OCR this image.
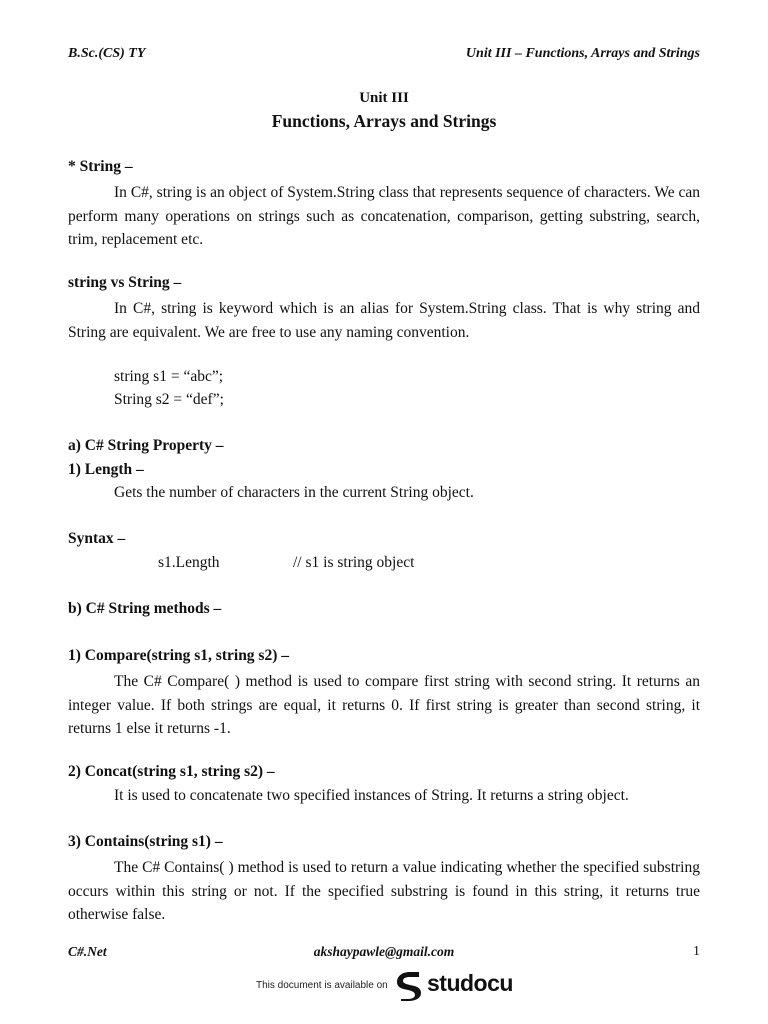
B.Sc.(CS) TY	Unit III – Functions, Arrays and Strings
Unit III
Functions, Arrays and Strings
* String –

In C#, string is an object of System.String class that represents sequence of characters. We can perform many operations on strings such as concatenation, comparison, getting substring, search, trim, replacement etc.

string vs String –

In C#, string is keyword which is an alias for System.String class. That is why string and String are equivalent. We are free to use any naming convention.

string s1 = “abc”;
String s2 = “def”;
a) C# String Property –
1) Length –
Gets the number of characters in the current String object.
Syntax –
s1.Length	// s1 is string object
b) C# String methods –
1) Compare(string s1, string s2) –

The C# Compare( ) method is used to compare first string with second string. It returns an integer value. If both strings are equal, it returns 0. If first string is greater than second string, it returns 1 else it returns -1.

2) Concat(string s1, string s2) –
It is used to concatenate two specified instances of String. It returns a string object.
3) Contains(string s1) –

The C# Contains( ) method is used to return a value indicating whether the specified substring occurs within this string or not. If the specified substring is found in this string, it returns true otherwise false.

C#.Net	akshaypawle@gmail.com	1
This document is available on studocu
